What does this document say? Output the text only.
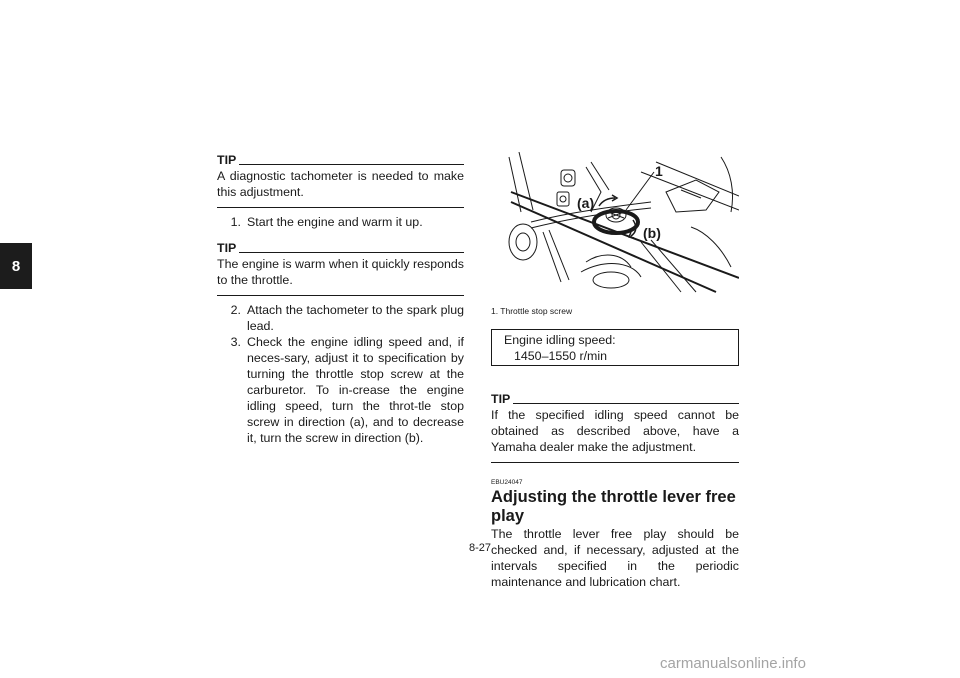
8
TIP
A diagnostic tachometer is needed to make this adjustment.
1. Start the engine and warm it up.
TIP
The engine is warm when it quickly responds to the throttle.
2. Attach the tachometer to the spark plug lead.
3. Check the engine idling speed and, if neces-sary, adjust it to specification by turning the throttle stop screw at the carburetor. To in-crease the engine idling speed, turn the throt-tle stop screw in direction (a), and to decrease it, turn the screw in direction (b).
1
(a)
(b)
1. Throttle stop screw
Engine idling speed:
1450–1550 r/min
TIP
If the specified idling speed cannot be obtained as described above, have a Yamaha dealer make the adjustment.
EBU24047
Adjusting the throttle lever free play
The throttle lever free play should be checked and, if necessary, adjusted at the intervals specified in the periodic maintenance and lubrication chart.
8-27
carmanualsonline.info
